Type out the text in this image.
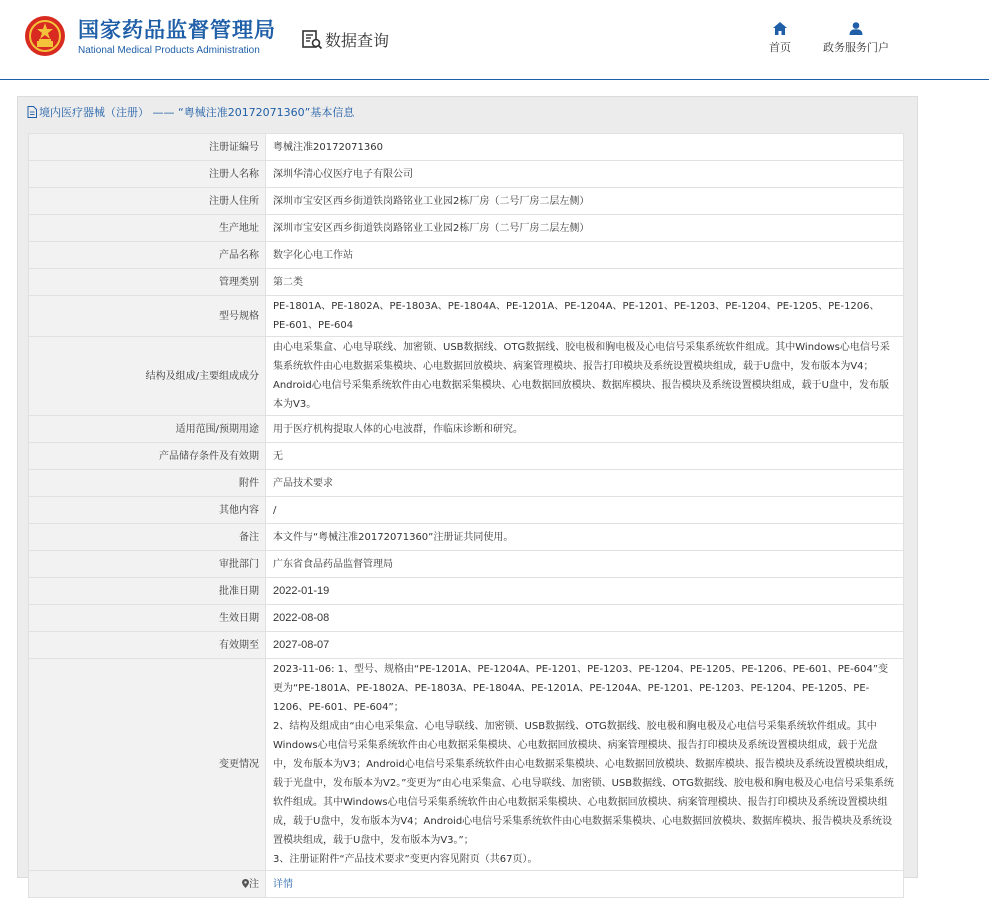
国家药品监督管理局
National Medical Products Administration
数据查询	首页	政务服务门户
境内医疗器械（注册） —— “粤械注准20172071360”基本信息
注册证编号	粤械注准20172071360
注册人名称	深圳华清心仪医疗电子有限公司
注册人住所	深圳市宝安区西乡街道铁岗路铭业工业园2栋厂房（二号厂房二层左侧）
生产地址	深圳市宝安区西乡街道铁岗路铭业工业园2栋厂房（二号厂房二层左侧）
产品名称	数字化心电工作站
管理类别	第二类
型号规格	PE-1801A、PE-1802A、PE-1803A、PE-1804A、PE-1201A、PE-1204A、PE-1201、PE-1203、PE-1204、PE-1205、PE-1206、PE-601、PE-604
结构及组成/主要组成成分	由心电采集盒、心电导联线、加密锁、USB数据线、OTG数据线、胶电极和胸电极及心电信号采集系统软件组成。其中Windows心电信号采集系统软件由心电数据采集模块、心电数据回放模块、病案管理模块、报告打印模块及系统设置模块组成，载于U盘中，发布版本为V4；Android心电信号采集系统软件由心电数据采集模块、心电数据回放模块、数据库模块、报告模块及系统设置模块组成，载于U盘中，发布版本为V3。
适用范围/预期用途	用于医疗机构提取人体的心电波群，作临床诊断和研究。
产品储存条件及有效期	无
附件	产品技术要求
其他内容	/
备注	本文件与“粤械注准20172071360”注册证共同使用。
审批部门	广东省食品药品监督管理局
批准日期	2022-01-19
生效日期	2022-08-08
有效期至	2027-08-07
变更情况	2023-11-06: 1、型号、规格由“PE-1201A、PE-1204A、PE-1201、PE-1203、PE-1204、PE-1205、PE-1206、PE-601、PE-604”变更为“PE-1801A、PE-1802A、PE-1803A、PE-1804A、PE-1201A、PE-1204A、PE-1201、PE-1203、PE-1204、PE-1205、PE-1206、PE-601、PE-604”；
2、结构及组成由“由心电采集盒、心电导联线、加密锁、USB数据线、OTG数据线、胶电极和胸电极及心电信号采集系统软件组成。其中Windows心电信号采集系统软件由心电数据采集模块、心电数据回放模块、病案管理模块、报告打印模块及系统设置模块组成，载于光盘中，发布版本为V3；Android心电信号采集系统软件由心电数据采集模块、心电数据回放模块、数据库模块、报告模块及系统设置模块组成，载于光盘中，发布版本为V2。”变更为“由心电采集盒、心电导联线、加密锁、USB数据线、OTG数据线、胶电极和胸电极及心电信号采集系统软件组成。其中Windows心电信号采集系统软件由心电数据采集模块、心电数据回放模块、病案管理模块、报告打印模块及系统设置模块组成，载于U盘中，发布版本为V4；Android心电信号采集系统软件由心电数据采集模块、心电数据回放模块、数据库模块、报告模块及系统设置模块组成，载于U盘中，发布版本为V3。”；
3、注册证附件“产品技术要求”变更内容见附页（共67页）。

注	详情
